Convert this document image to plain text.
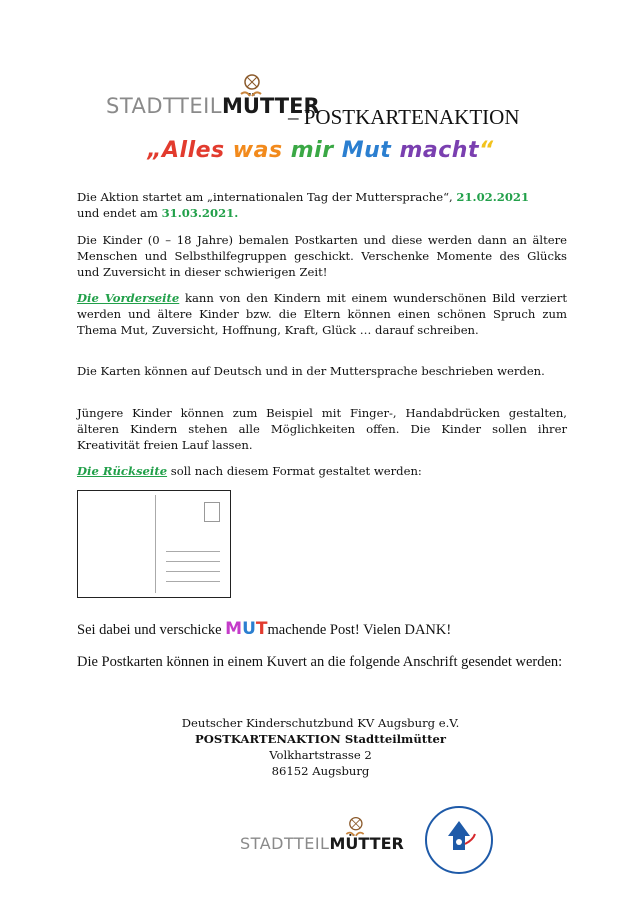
STADTTEILMÜTTER
– POSTKARTENAKTION
„Alles was mir Mut macht“
Die Aktion startet am „internationalen Tag der Muttersprache“, 21.02.2021
und endet am 31.03.2021.
Die Kinder (0 – 18 Jahre) bemalen Postkarten und diese werden dann an ältere Menschen und Selbsthilfegruppen geschickt. Verschenke Momente des Glücks und Zuversicht in dieser schwierigen Zeit!
Die Vorderseite kann von den Kindern mit einem wunderschönen Bild verziert werden und ältere Kinder bzw. die Eltern können einen schönen Spruch zum Thema Mut, Zuversicht, Hoffnung, Kraft, Glück … darauf schreiben.
Die Karten können auf Deutsch und in der Muttersprache beschrieben werden.
Jüngere Kinder können zum Beispiel mit Finger-, Handabdrücken gestalten, älteren Kindern stehen alle Möglichkeiten offen. Die Kinder sollen ihrer Kreativität freien Lauf lassen.
Die Rückseite soll nach diesem Format gestaltet werden:
Sei dabei und verschicke MUTmachende Post! Vielen DANK!
Die Postkarten können in einem Kuvert an die folgende Anschrift gesendet werden:
Deutscher Kinderschutzbund KV Augsburg e.V.
POSTKARTENAKTION Stadtteilmütter
Volkhartstrasse 2
86152 Augsburg
STADTTEILMÜTTER
